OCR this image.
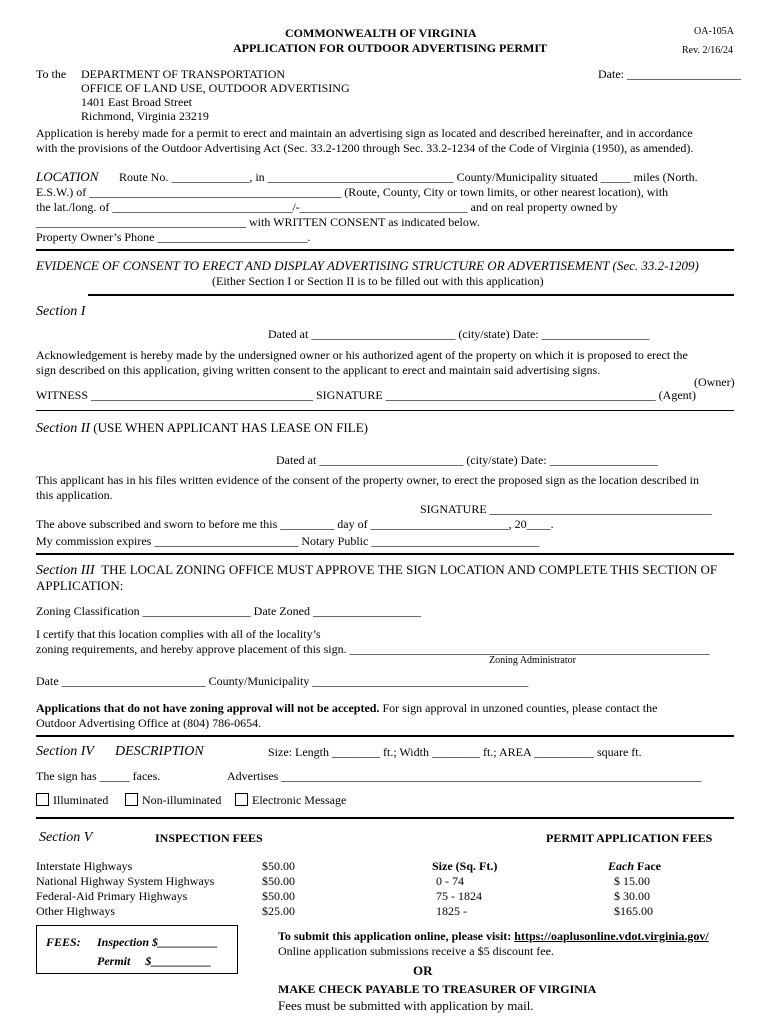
COMMONWEALTH OF VIRGINIA
APPLICATION FOR OUTDOOR ADVERTISING PERMIT
OA-105A
Rev. 2/16/24
To the DEPARTMENT OF TRANSPORTATION
OFFICE OF LAND USE, OUTDOOR ADVERTISING
1401 East Broad Street
Richmond, Virginia 23219
Date: ___________________
Application is hereby made for a permit to erect and maintain an advertising sign as located and described hereinafter, and in accordance
with the provisions of the Outdoor Advertising Act (Sec. 33.2-1200 through Sec. 33.2-1234 of the Code of Virginia (1950), as amended).
LOCATION Route No. _____________, in _______________________________ County/Municipality situated _____ miles (North.
E.S.W.) of __________________________________________ (Route, County, City or town limits, or other nearest location), with
the lat./long. of ______________________________/-____________________________ and on real property owned by
___________________________________ with WRITTEN CONSENT as indicated below.
Property Owner’s Phone _________________________.
EVIDENCE OF CONSENT TO ERECT AND DISPLAY ADVERTISING STRUCTURE OR ADVERTISEMENT (Sec. 33.2-1209)
(Either Section I or Section II is to be filled out with this application)
Section I
Dated at ________________________ (city/state) Date: __________________
Acknowledgement is hereby made by the undersigned owner or his authorized agent of the property on which it is proposed to erect the
sign described on this application, giving written consent to the applicant to erect and maintain said advertising signs.
(Owner)
WITNESS _____________________________________ SIGNATURE _____________________________________________ (Agent)
Section II (USE WHEN APPLICANT HAS LEASE ON FILE)
Dated at ________________________ (city/state) Date: __________________
This applicant has in his files written evidence of the consent of the property owner, to erect the proposed sign as the location described in
this application.
SIGNATURE _____________________________________
The above subscribed and sworn to before me this _________ day of _______________________, 20____.
My commission expires ________________________ Notary Public ____________________________
Section III THE LOCAL ZONING OFFICE MUST APPROVE THE SIGN LOCATION AND COMPLETE THIS SECTION OF
APPLICATION:
Zoning Classification __________________ Date Zoned __________________
I certify that this location complies with all of the locality’s
zoning requirements, and hereby approve placement of this sign. ____________________________________________________________
Zoning Administrator
Date ________________________ County/Municipality ____________________________________
Applications that do not have zoning approval will not be accepted. For sign approval in unzoned counties, please contact the
Outdoor Advertising Office at (804) 786-0654.
Section IV DESCRIPTION	Size: Length ________ ft.; Width ________ ft.; AREA __________ square ft.
The sign has _____ faces.	Advertises ______________________________________________________________________
Illuminated	Non-illuminated	Electronic Message
Section V	INSPECTION FEES	PERMIT APPLICATION FEES
Interstate Highways	$50.00
National Highway System Highways	$50.00
Federal-Aid Primary Highways	$50.00
Other Highways	$25.00
Size (Sq. Ft.)	Each Face
0 - 74	$ 15.00
75 - 1824	$ 30.00
1825 -	$165.00
FEES: Inspection $__________
Permit     $__________
To submit this application online, please visit: https://oaplusonline.vdot.virginia.gov/
Online application submissions receive a $5 discount fee.
OR
MAKE CHECK PAYABLE TO TREASURER OF VIRGINIA
Fees must be submitted with application by mail.
